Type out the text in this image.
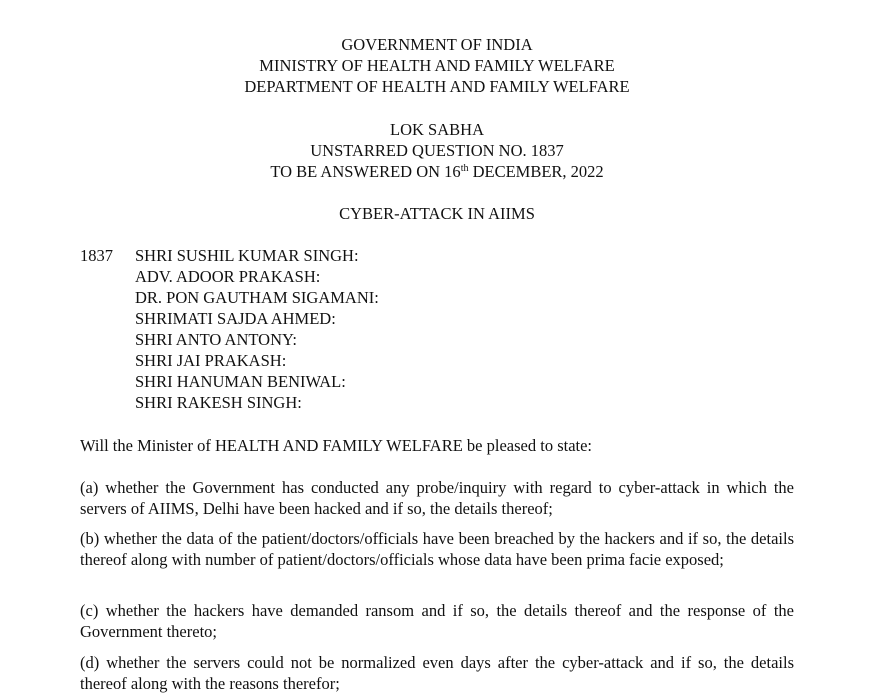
GOVERNMENT OF INDIA
MINISTRY OF HEALTH AND FAMILY WELFARE
DEPARTMENT OF HEALTH AND FAMILY WELFARE
LOK SABHA
UNSTARRED QUESTION NO. 1837
TO BE ANSWERED ON 16th DECEMBER, 2022
CYBER-ATTACK IN AIIMS
1837 SHRI SUSHIL KUMAR SINGH:
ADV. ADOOR PRAKASH:
DR. PON GAUTHAM SIGAMANI:
SHRIMATI SAJDA AHMED:
SHRI ANTO ANTONY:
SHRI JAI PRAKASH:
SHRI HANUMAN BENIWAL:
SHRI RAKESH SINGH:
Will the Minister of HEALTH AND FAMILY WELFARE be pleased to state:
(a) whether the Government has conducted any probe/inquiry with regard to cyber-attack in which the servers of AIIMS, Delhi have been hacked and if so, the details thereof;
(b) whether the data of the patient/doctors/officials have been breached by the hackers and if so, the details thereof along with number of patient/doctors/officials whose data have been prima facie exposed;
(c) whether the hackers have demanded ransom and if so, the details thereof and the response of the Government thereto;
(d) whether the servers could not be normalized even days after the cyber-attack and if so, the details thereof along with the reasons therefor;
